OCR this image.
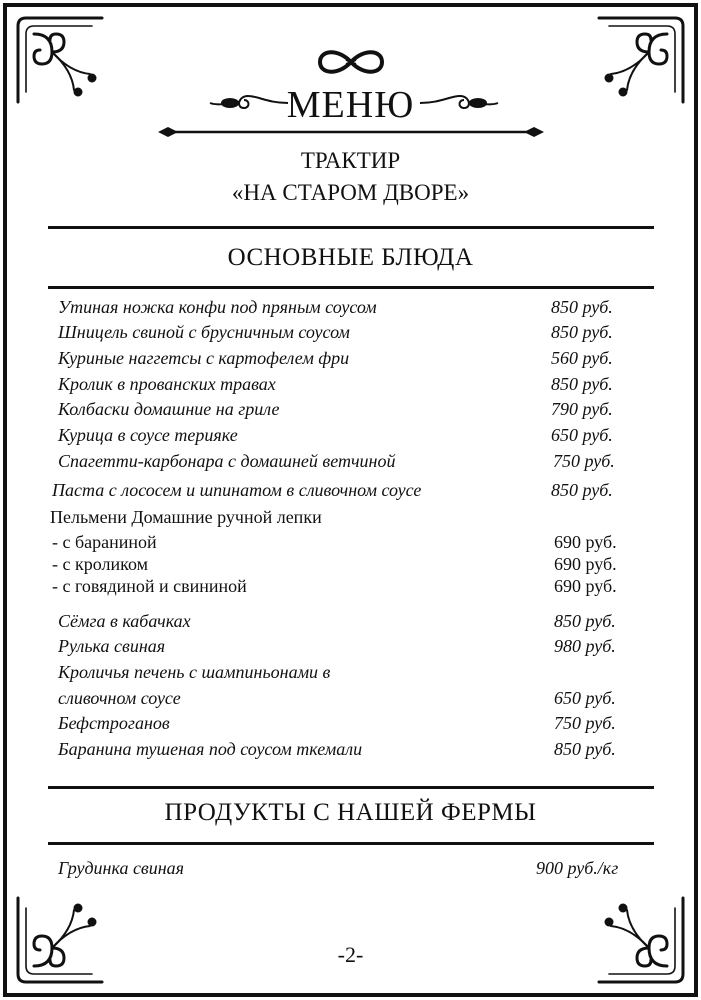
МЕНЮ
ТРАКТИР
«НА СТАРОМ ДВОРЕ»
ОСНОВНЫЕ БЛЮДА
Утиная ножка конфи под пряным соусом	850 руб.
Шницель свиной с брусничным соусом	850 руб.
Куриные наггетсы с картофелем фри	560 руб.
Кролик в прованских травах	850 руб.
Колбаски домашние на гриле	790 руб.
Курица в соусе терияке	650 руб.
Спагетти-карбонара с домашней ветчиной	750 руб.
Паста с лососем и шпинатом в сливочном соусе	850 руб.
Пельмени Домашние ручной лепки
- с бараниной	690 руб.
- с кроликом	690 руб.
- с говядиной и свининой	690 руб.
Сёмга в кабачках	850 руб.
Рулька свиная	980 руб.
Кроличья печень с шампиньонами в
сливочном соусе	650 руб.
Бефстроганов	750 руб.
Баранина тушеная под соусом ткемали	850 руб.
ПРОДУКТЫ С НАШЕЙ ФЕРМЫ
Грудинка свиная	900 руб./кг
-2-
